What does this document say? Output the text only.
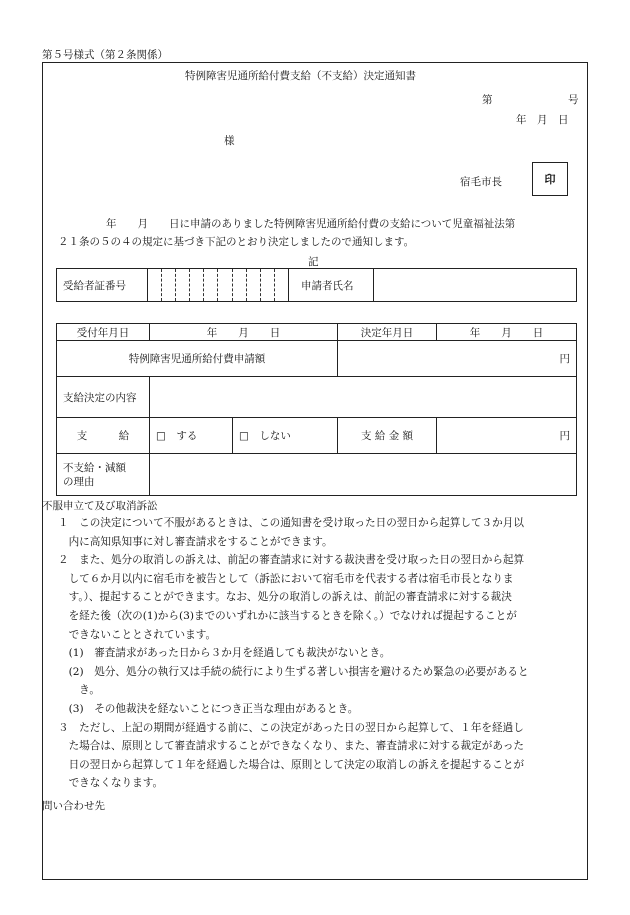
第５号様式（第２条関係）
特例障害児通所給付費支給（不支給）決定通知書
第	号
年　月　日
様
宿毛市長	印
年　　月　　日に申請のありました特例障害児通所給付費の支給について児童福祉法第
２１条の５の４の規定に基づき下記のとおり決定しましたので通知します。
記
受給者証番号		申請者氏名	
受付年月日	年　　月　　日		決定年月日	年　　月　　日
特例障害児通所給付費申請額			円	
支給決定の内容				
支　　　給	□　する	□　しない	支 給 金 額	円

不支給・減額
の理由				

不服申立て及び取消訴訟
１　この決定について不服があるときは、この通知書を受け取った日の翌日から起算して３か月以
　内に高知県知事に対し審査請求をすることができます。
２　また、処分の取消しの訴えは、前記の審査請求に対する裁決書を受け取った日の翌日から起算
　して６か月以内に宿毛市を被告として（訴訟において宿毛市を代表する者は宿毛市長となりま
　す。）、提起することができます。なお、処分の取消しの訴えは、前記の審査請求に対する裁決
　を経た後（次の(1)から(3)までのいずれかに該当するときを除く。）でなければ提起することが
　できないこととされています。
　(1)　審査請求があった日から３か月を経過しても裁決がないとき。
　(2)　処分、処分の執行又は手続の続行により生ずる著しい損害を避けるため緊急の必要があると
　　き。
　(3)　その他裁決を経ないことにつき正当な理由があるとき。
３　ただし、上記の期間が経過する前に、この決定があった日の翌日から起算して、１年を経過し
　た場合は、原則として審査請求することができなくなり、また、審査請求に対する裁定があった
　日の翌日から起算して１年を経過した場合は、原則として決定の取消しの訴えを提起することが
　できなくなります。
問い合わせ先
